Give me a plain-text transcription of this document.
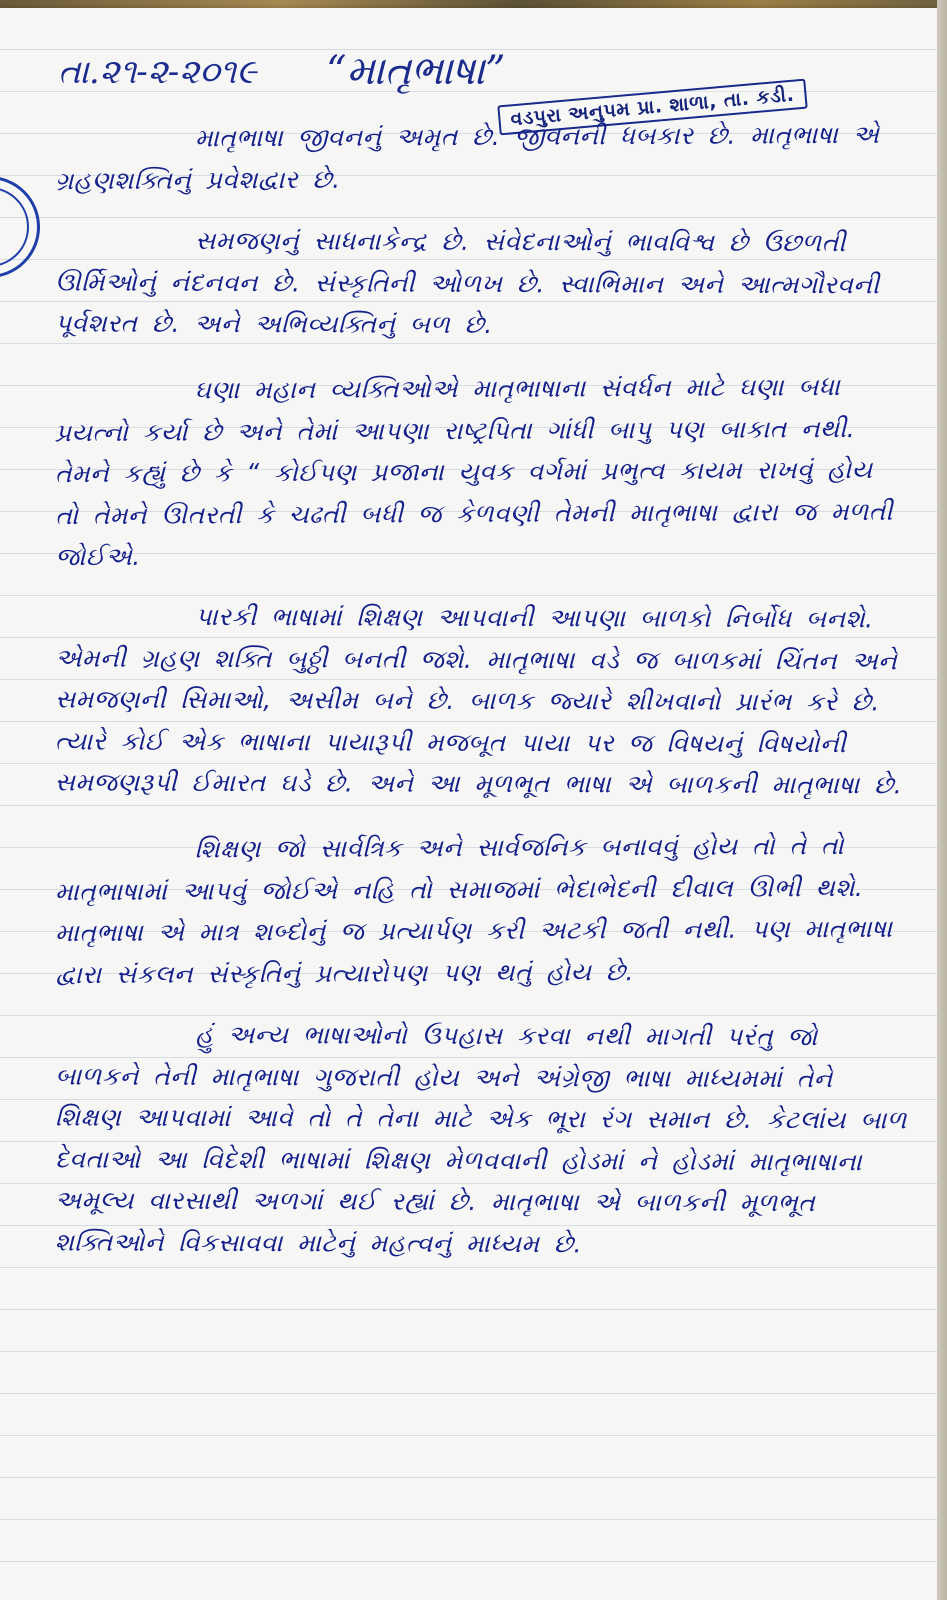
તા.૨૧-૨-૨૦૧૯ “માતૃભાષા”
વડપુરા અનુપમ પ્રા. શાળા, તા. કડી.

માતૃભાષા જીવનનું અમૃત છે. જીવનની ધબકાર છે. માતૃભાષા એ ગ્રહણશક્તિનું પ્રવેશદ્વાર છે.

સમજણનું સાધનાકેન્દ્ર છે. સંવેદનાઓનું ભાવવિશ્વ છે ઉછળતી ઊર્મિઓનું નંદનવન છે. સંસ્કૃતિની ઓળખ છે. સ્વાભિમાન અને આત્મગૌરવની પૂર્વશરત છે. અને અભિવ્યક્તિનું બળ છે.

ઘણા મહાન વ્યક્તિઓએ માતૃભાષાના સંવર્ધન માટે ઘણા બધા પ્રયત્નો કર્યા છે અને તેમાં આપણા રાષ્ટ્રપિતા ગાંધી બાપુ પણ બાકાત નથી. તેમને કહ્યું છે કે “ કોઈપણ પ્રજાના યુવક વર્ગમાં પ્રભુત્વ કાયમ રાખવું હોય તો તેમને ઊતરતી કે ચઢતી બધી જ કેળવણી તેમની માતૃભાષા દ્વારા જ મળતી જોઈએ.

પારકી ભાષામાં શિક્ષણ આપવાની આપણા બાળકો નિર્બોધ બનશે. એમની ગ્રહણ શક્તિ બુઠ્ઠી બનતી જશે. માતૃભાષા વડે જ બાળકમાં ચિંતન અને સમજણની સિમાઓ, અસીમ બને છે. બાળક જ્યારે શીખવાનો પ્રારંભ કરે છે. ત્યારે કોઈ એક ભાષાના પાયારૂપી મજબૂત પાયા પર જ વિષયનું વિષયોની સમજણરૂપી ઈમારત ઘડે છે. અને આ મૂળભૂત ભાષા એ બાળકની માતૃભાષા છે.

શિક્ષણ જો સાર્વત્રિક અને સાર્વજનિક બનાવવું હોય તો તે તો માતૃભાષામાં આપવું જોઈએ નહિ તો સમાજમાં ભેદાભેદની દીવાલ ઊભી થશે. માતૃભાષા એ માત્ર શબ્દોનું જ પ્રત્યાર્પણ કરી અટકી જતી નથી. પણ માતૃભાષા દ્વારા સંકલન સંસ્કૃતિનું પ્રત્યારોપણ પણ થતું હોય છે.

હું અન્ય ભાષાઓનો ઉપહાસ કરવા નથી માગતી પરંતુ જો બાળકને તેની માતૃભાષા ગુજરાતી હોય અને અંગ્રેજી ભાષા માધ્યમમાં તેને શિક્ષણ આપવામાં આવે તો તે તેના માટે એક ભૂરા રંગ સમાન છે. કેટલાંય બાળ દેવતાઓ આ વિદેશી ભાષામાં શિક્ષણ મેળવવાની હોડમાં ને હોડમાં માતૃભાષાના અમૂલ્ય વારસાથી અળગાં થઈ રહ્યાં છે. માતૃભાષા એ બાળકની મૂળભૂત શક્તિઓને વિકસાવવા માટેનું મહત્વનું માધ્યમ છે.
